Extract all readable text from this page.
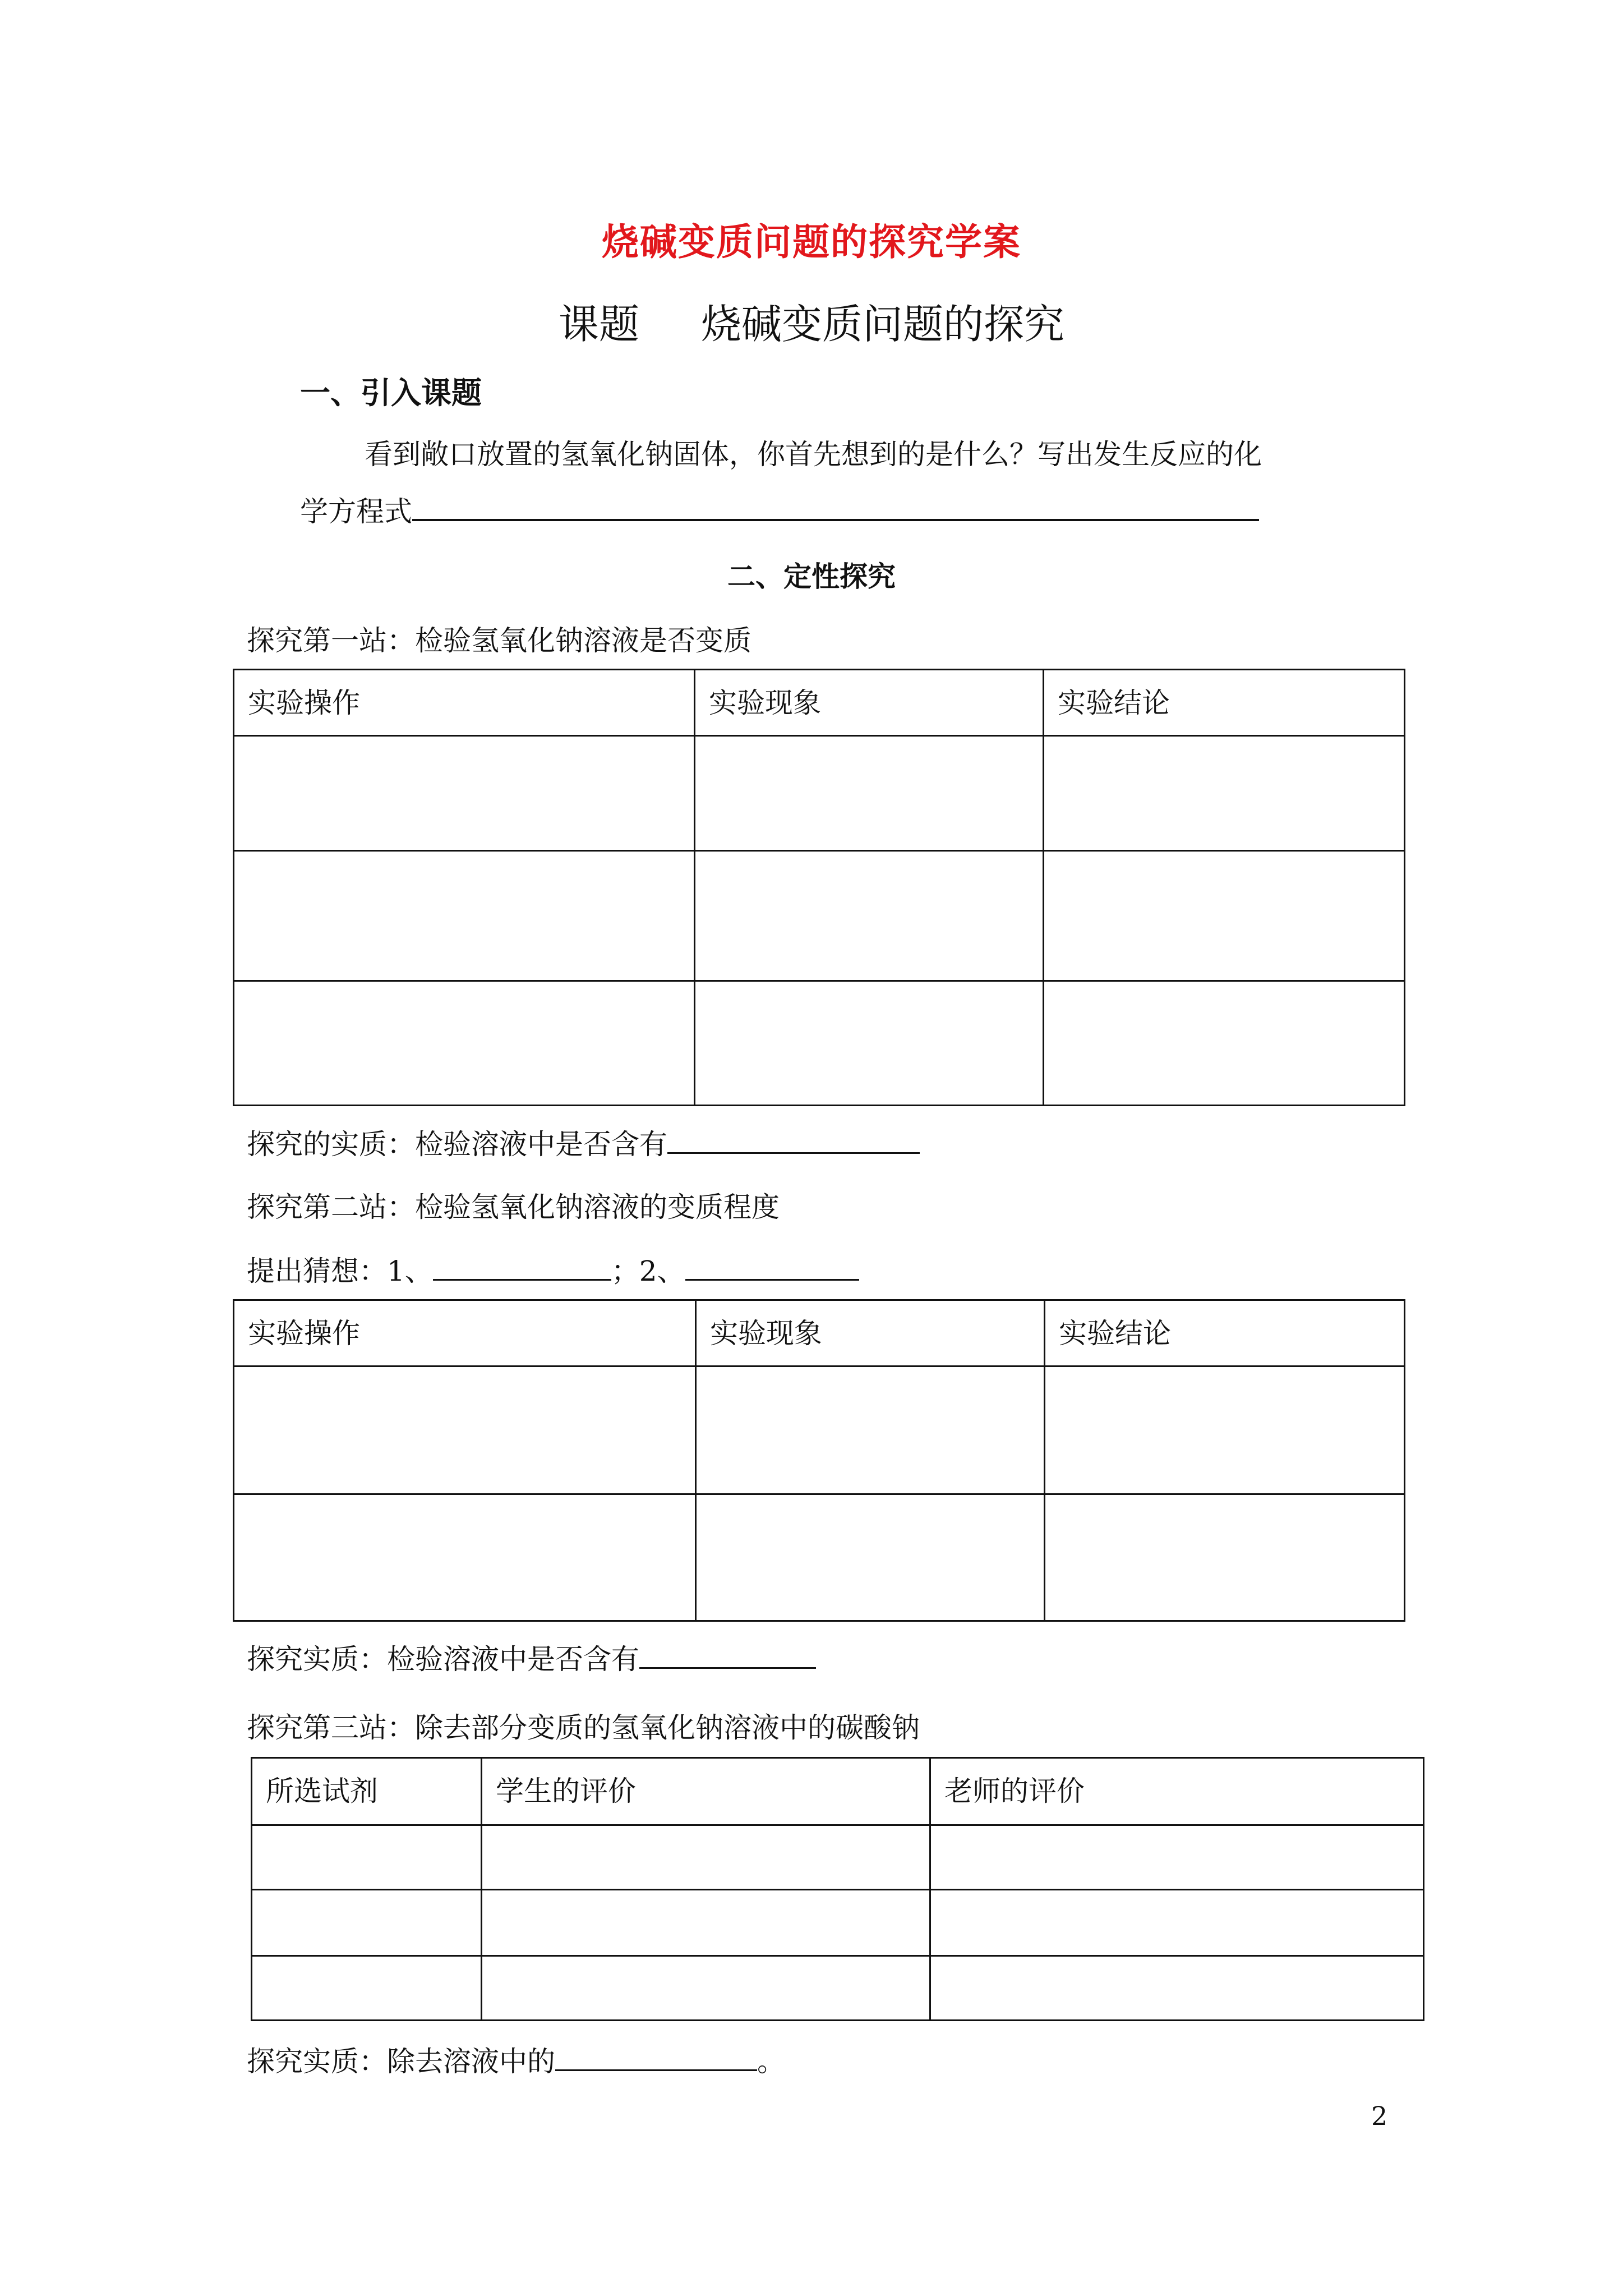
烧碱变质问题的探究学案
课题 烧碱变质问题的探究
一、引入课题
看到敞口放置的氢氧化钠固体，你首先想到的是什么？写出发生反应的化
学方程式
二、定性探究
探究第一站：检验氢氧化钠溶液是否变质
实验操作	实验现象	实验结论

探究的实质：检验溶液中是否含有
探究第二站：检验氢氧化钠溶液的变质程度
提出猜想：1、	；2、
实验操作	实验现象	实验结论

探究实质：检验溶液中是否含有
探究第三站：除去部分变质的氢氧化钠溶液中的碳酸钠
所选试剂	学生的评价	老师的评价

探究实质：除去溶液中的	。
2
